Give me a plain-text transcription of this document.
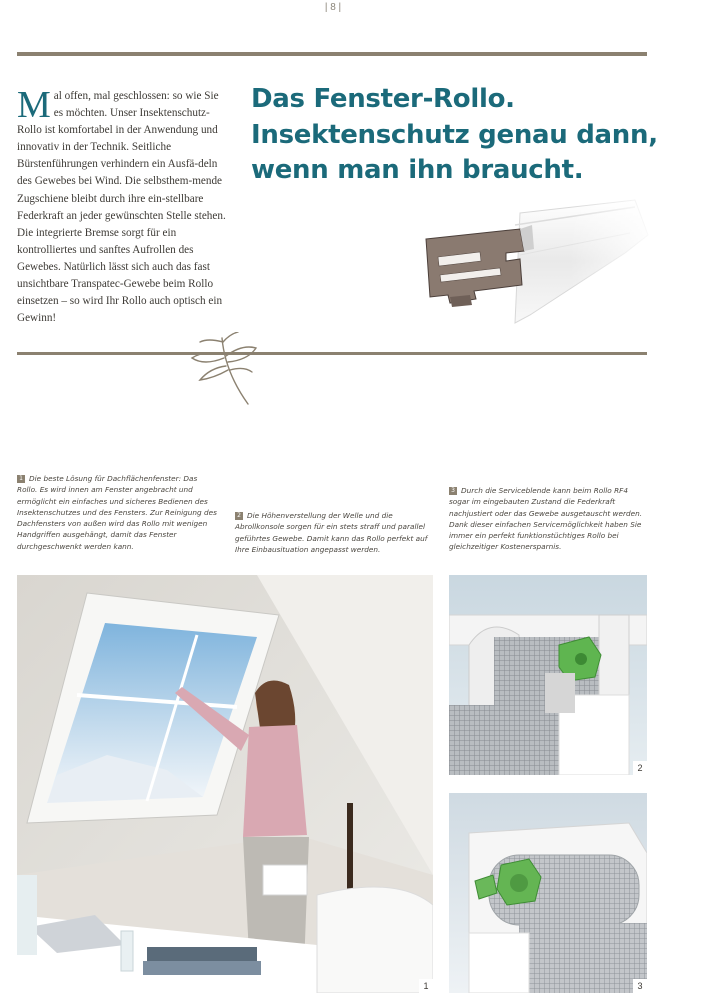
| 8 |
M al offen, mal geschlossen: so wie Sie es möchten. Unser Insektenschutz-Rollo ist komfortabel in der Anwendung und innovativ in der Technik. Seitliche Bürstenführungen verhindern ein Ausfä-deln des Gewebes bei Wind. Die selbsthem-mende Zugschiene bleibt durch ihre ein-stellbare Federkraft an jeder gewünschten Stelle stehen. Die integrierte Bremse sorgt für ein kontrolliertes und sanftes Aufrollen des Gewebes. Natürlich lässt sich auch das fast unsichtbare Transpatec-Gewebe beim Rollo einsetzen – so wird Ihr Rollo auch optisch ein Gewinn!
Das Fenster-Rollo.
Insektenschutz genau dann,
wenn man ihn braucht.
1 Die beste Lösung für Dachflächenfenster: Das Rollo. Es wird innen am Fenster angebracht und ermöglicht ein einfaches und sicheres Bedienen des Insektenschutzes und des Fensters. Zur Reinigung des Dachfensters von außen wird das Rollo mit wenigen Handgriffen ausgehängt, damit das Fenster durchgeschwenkt werden kann.
2 Die Höhenverstellung der Welle und die Abrollkonsole sorgen für ein stets straff und parallel geführtes Gewebe. Damit kann das Rollo perfekt auf Ihre Einbausituation angepasst werden.
3 Durch die Serviceblende kann beim Rollo RF4 sogar im eingebauten Zustand die Federkraft nachjustiert oder das Gewebe ausgetauscht werden. Dank dieser einfachen Servicemöglichkeit haben Sie immer ein perfekt funktionstüchtiges Rollo bei gleichzeitiger Kostenersparnis.
1
2
3
